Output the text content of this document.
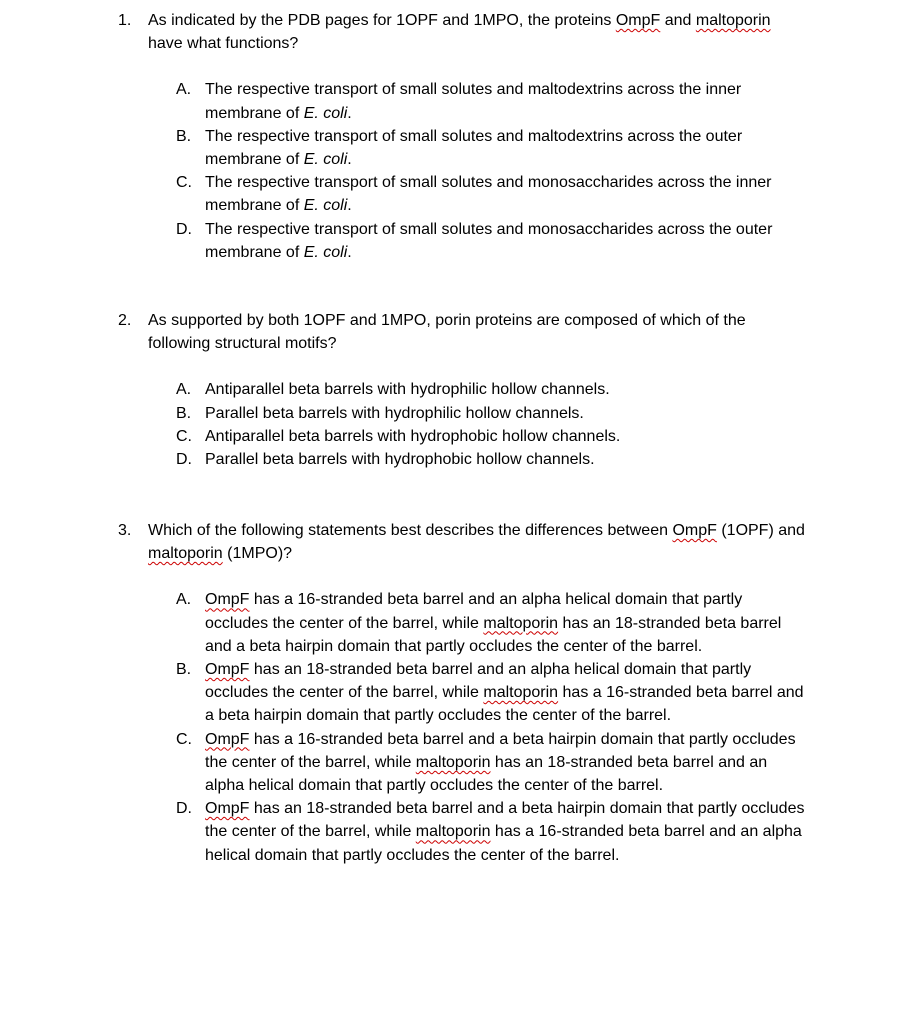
1.	As indicated by the PDB pages for 1OPF and 1MPO, the proteins OmpF and maltoporin have what functions?
A. The respective transport of small solutes and maltodextrins across the inner membrane of E. coli.
B. The respective transport of small solutes and maltodextrins across the outer membrane of E. coli.
C. The respective transport of small solutes and monosaccharides across the inner membrane of E. coli.
D. The respective transport of small solutes and monosaccharides across the outer membrane of E. coli.
2.	As supported by both 1OPF and 1MPO, porin proteins are composed of which of the following structural motifs?
A. Antiparallel beta barrels with hydrophilic hollow channels.
B. Parallel beta barrels with hydrophilic hollow channels.
C. Antiparallel beta barrels with hydrophobic hollow channels.
D. Parallel beta barrels with hydrophobic hollow channels.
3.	Which of the following statements best describes the differences between OmpF (1OPF) and maltoporin (1MPO)?
A. OmpF has a 16-stranded beta barrel and an alpha helical domain that partly occludes the center of the barrel, while maltoporin has an 18-stranded beta barrel and a beta hairpin domain that partly occludes the center of the barrel.
B. OmpF has an 18-stranded beta barrel and an alpha helical domain that partly occludes the center of the barrel, while maltoporin has a 16-stranded beta barrel and a beta hairpin domain that partly occludes the center of the barrel.
C. OmpF has a 16-stranded beta barrel and a beta hairpin domain that partly occludes the center of the barrel, while maltoporin has an 18-stranded beta barrel and an alpha helical domain that partly occludes the center of the barrel.
D. OmpF has an 18-stranded beta barrel and a beta hairpin domain that partly occludes the center of the barrel, while maltoporin has a 16-stranded beta barrel and an alpha helical domain that partly occludes the center of the barrel.
